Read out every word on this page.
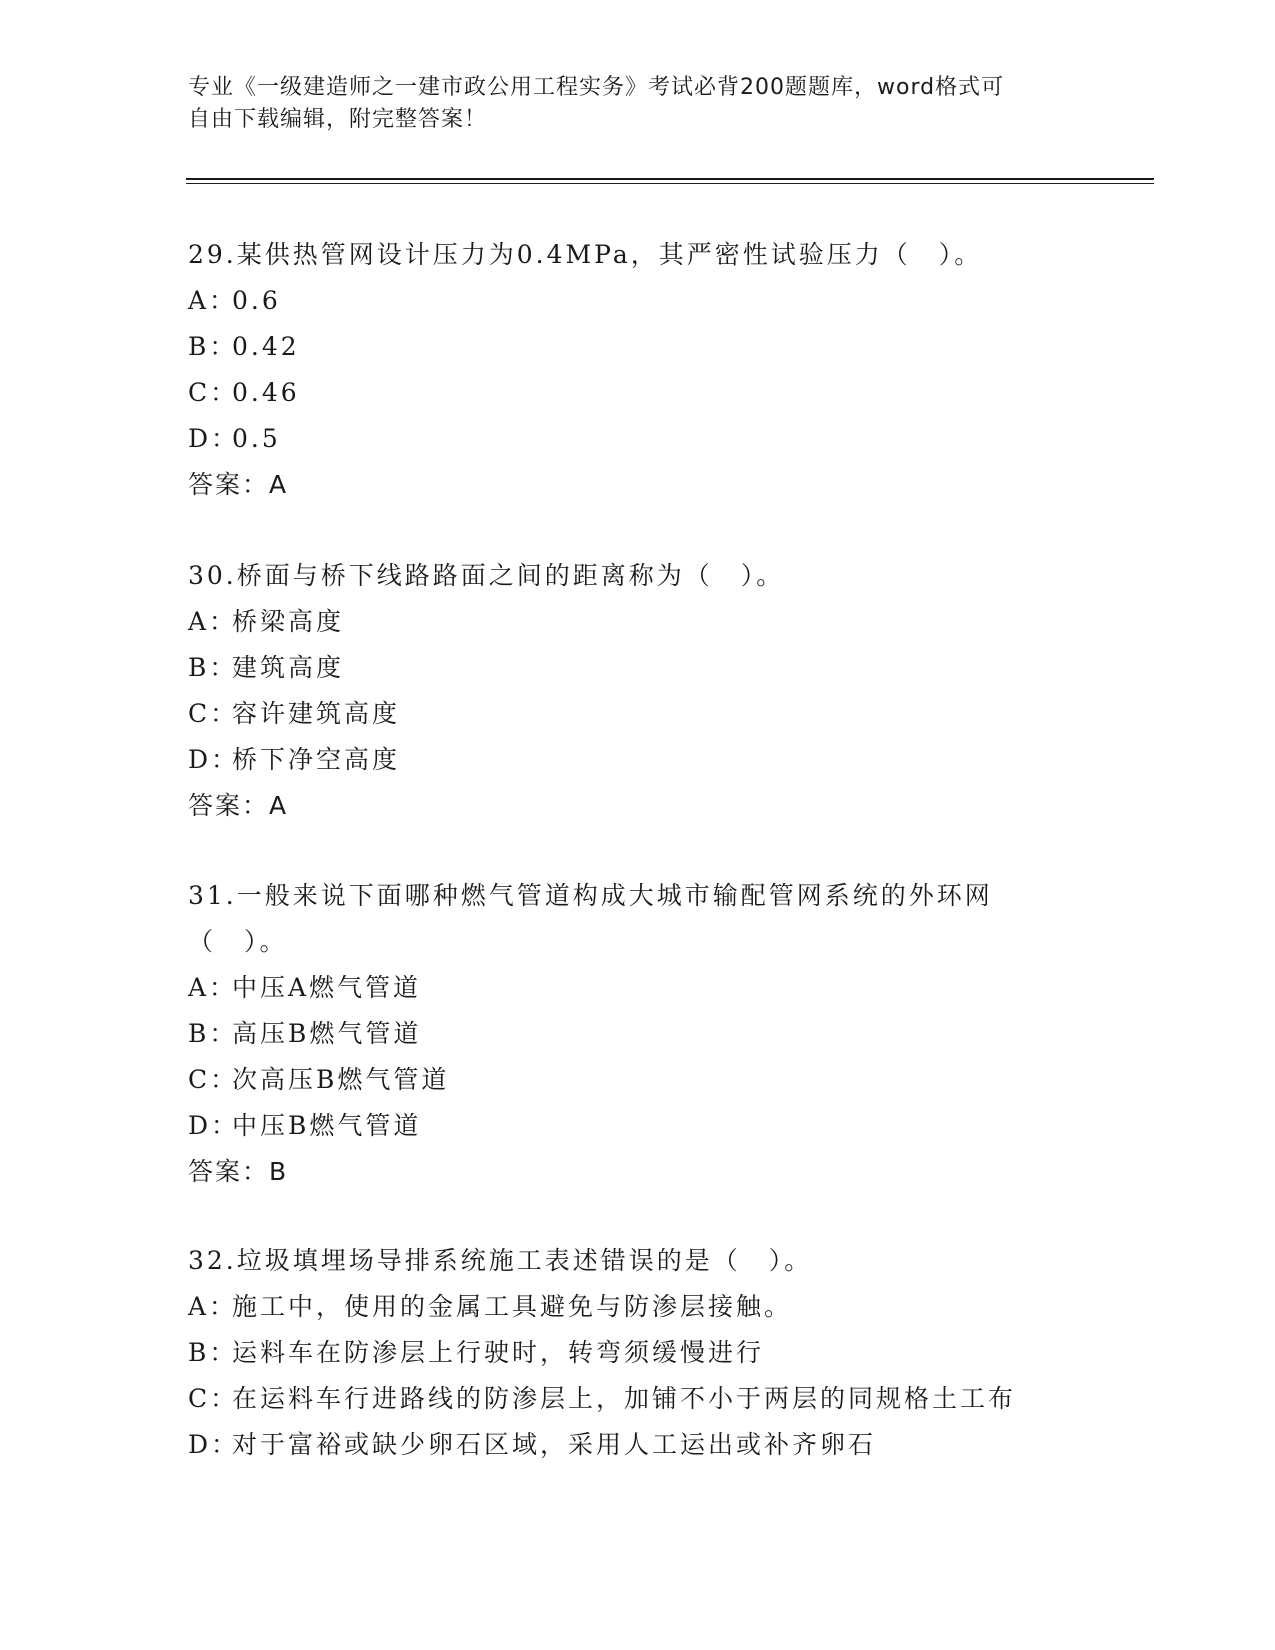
专业《一级建造师之一建市政公用工程实务》考试必背200题题库，word格式可
自由下载编辑，附完整答案！

29.某供热管网设计压力为0.4MPa，其严密性试验压力（　）。

A：0.6

B：0.42

C：0.46

D：0.5

答案：A

30.桥面与桥下线路路面之间的距离称为（　）。

A：桥梁高度

B：建筑高度

C：容许建筑高度

D：桥下净空高度

答案：A

31.一般来说下面哪种燃气管道构成大城市输配管网系统的外环网（　）。

A：中压A燃气管道

B：高压B燃气管道

C：次高压B燃气管道

D：中压B燃气管道

答案：B

32.垃圾填埋场导排系统施工表述错误的是（　）。

A：施工中，使用的金属工具避免与防渗层接触。

B：运料车在防渗层上行驶时，转弯须缓慢进行

C：在运料车行进路线的防渗层上，加铺不小于两层的同规格土工布

D：对于富裕或缺少卵石区域，采用人工运出或补齐卵石
